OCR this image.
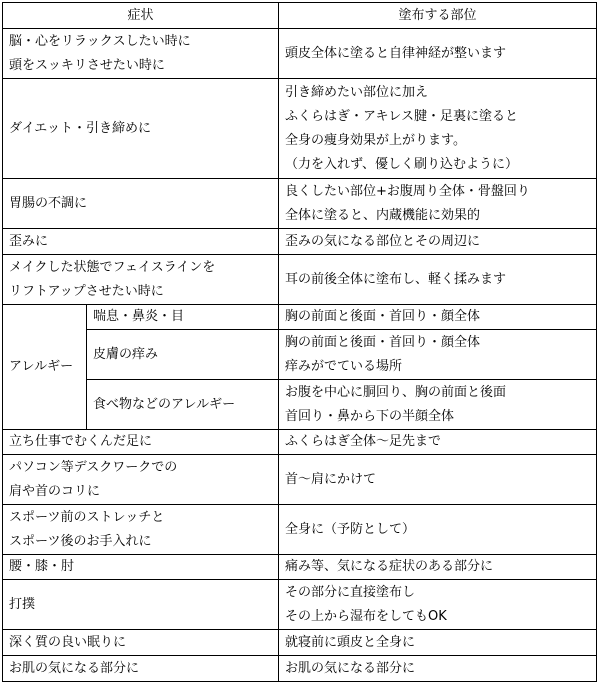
症状		塗布する部位

脳・心をリラックスしたい時に
頭をスッキリさせたい時に		頭皮全体に塗ると自律神経が整います

ダイエット・引き締めに		引き締めたい部位に加え
ふくらはぎ・アキレス腱・足裏に塗ると
全身の痩身効果が上がります。
（力を入れず、優しく刷り込むように）

胃腸の不調に		良くしたい部位+お腹周り全体・骨盤回り
全体に塗ると、内蔵機能に効果的

歪みに		歪みの気になる部位とその周辺に

メイクした状態でフェイスラインを
リフトアップさせたい時に		耳の前後全体に塗布し、軽く揉みます

アレルギー	喘息・鼻炎・目	胸の前面と後面・首回り・顔全体

	皮膚の痒み	胸の前面と後面・首回り・顔全体
痒みがでている場所

	食べ物などのアレルギー	お腹を中心に胴回り、胸の前面と後面
首回り・鼻から下の半顔全体

立ち仕事でむくんだ足に		ふくらはぎ全体～足先まで

パソコン等デスクワークでの
肩や首のコリに		首～肩にかけて

スポーツ前のストレッチと
スポーツ後のお手入れに		全身に（予防として）

腰・膝・肘		痛み等、気になる症状のある部分に

打撲		その部分に直接塗布し
その上から湿布をしてもOK

深く質の良い眠りに		就寝前に頭皮と全身に

お肌の気になる部分に		お肌の気になる部分に
